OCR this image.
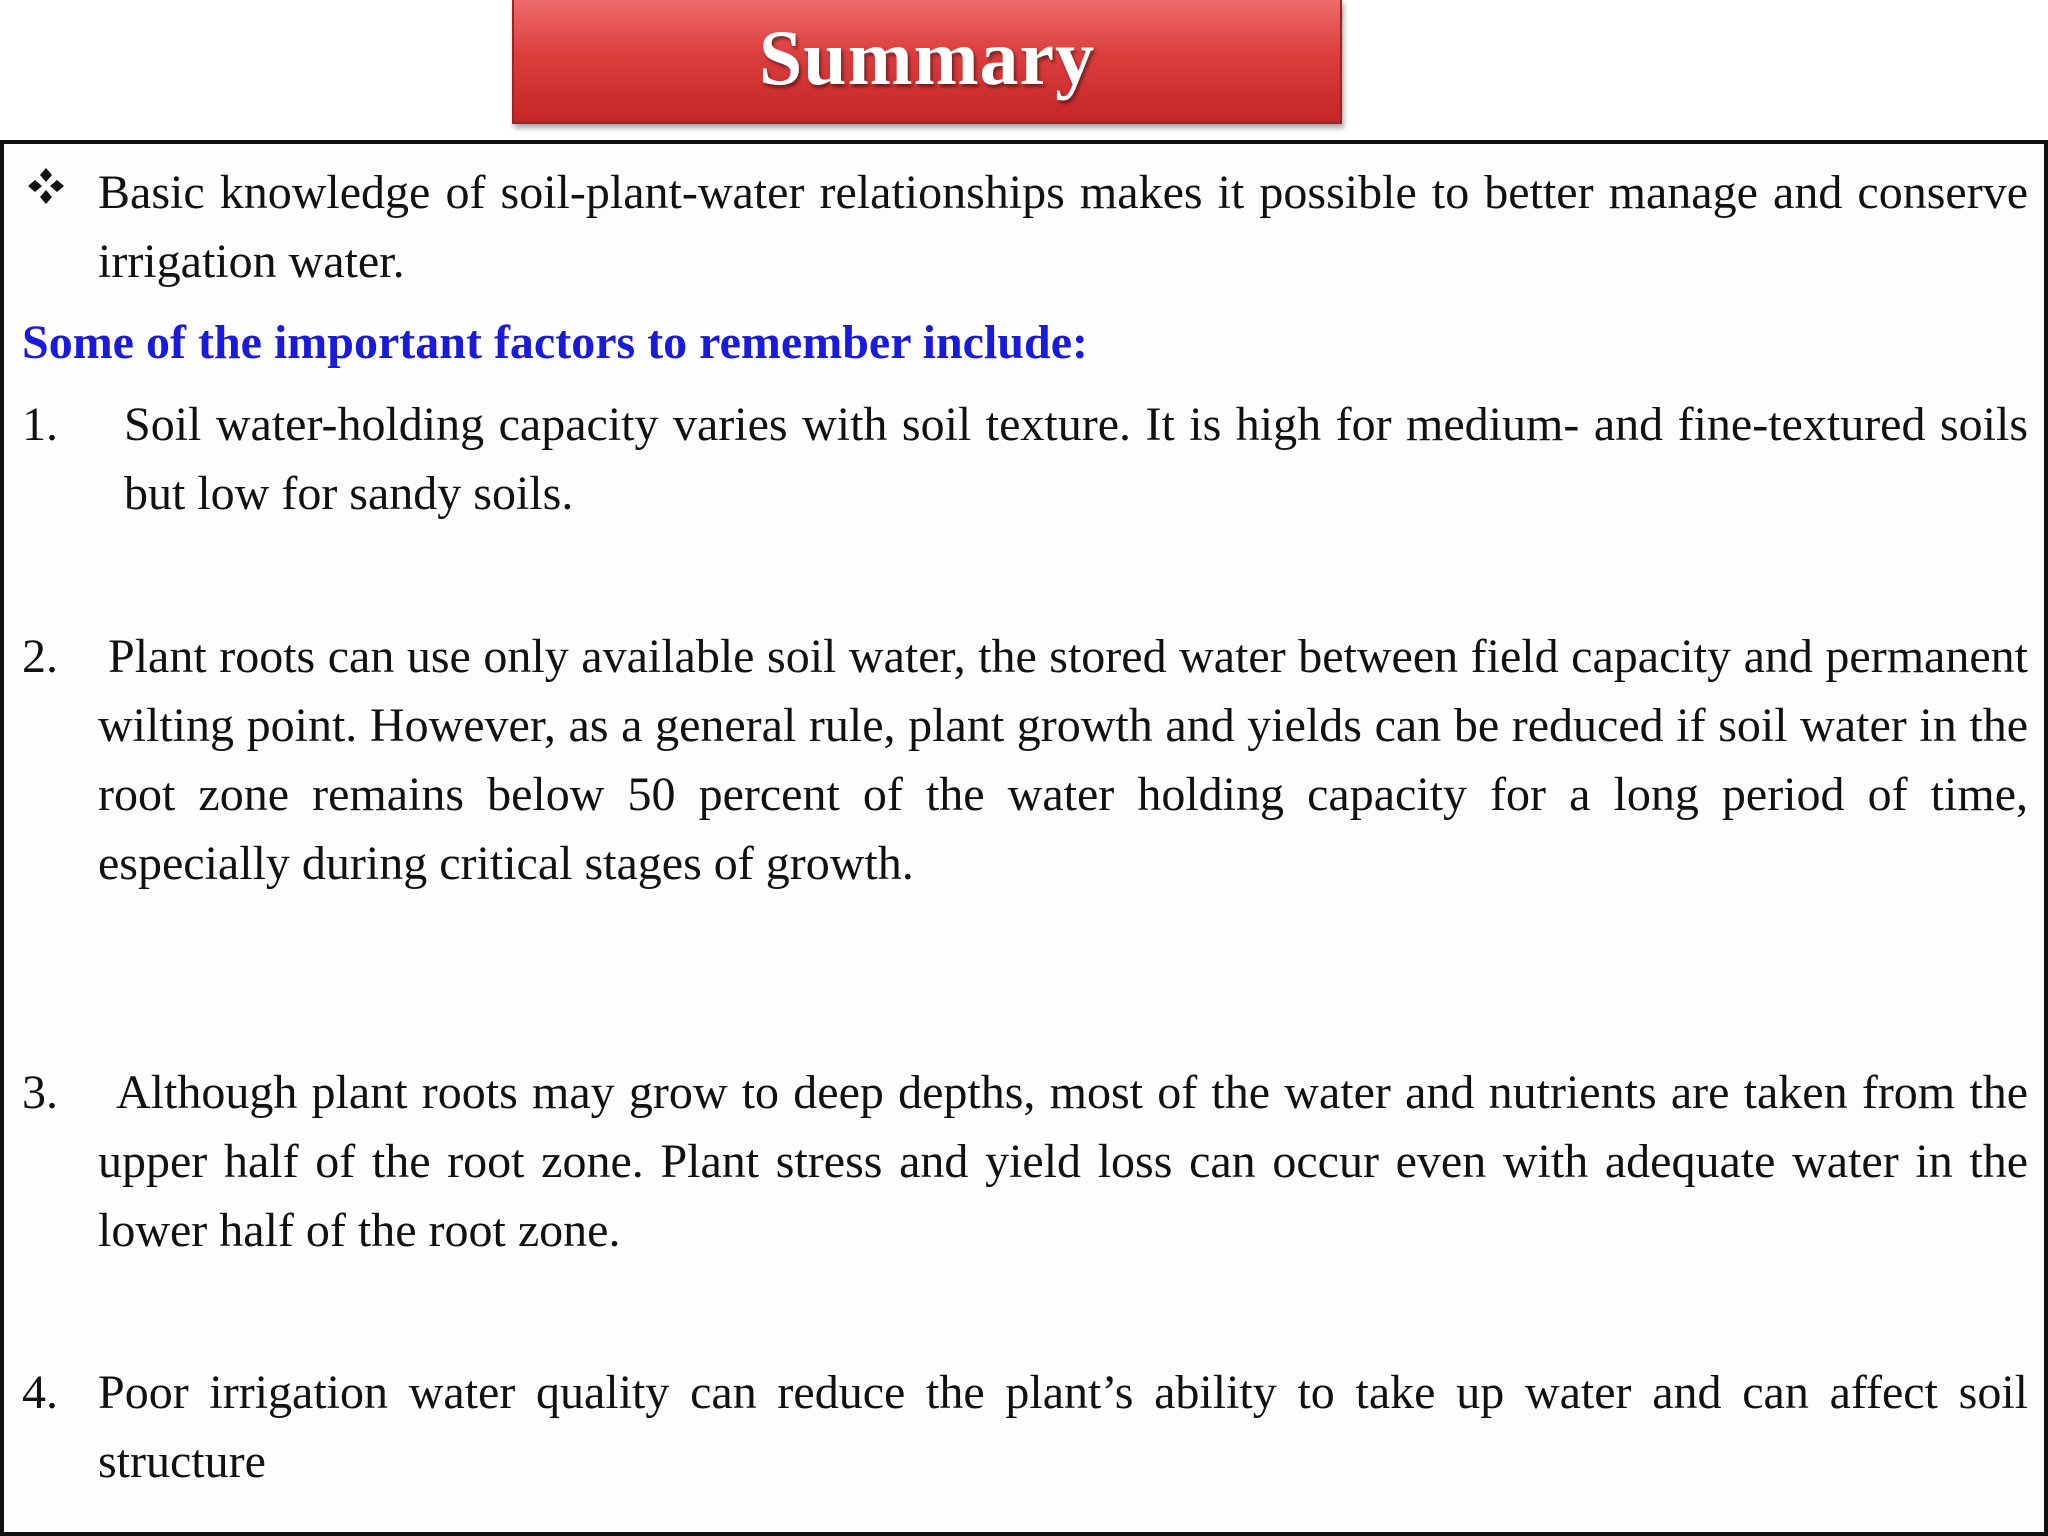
Summary

Basic knowledge of soil-plant-water relationships makes it possible to better manage and conserve irrigation water.

Some of the important factors to remember include:

1. Soil water-holding capacity varies with soil texture. It is high for medium- and fine-textured soils but low for sandy soils.

2. Plant roots can use only available soil water, the stored water between field capacity and permanent wilting point. However, as a general rule, plant growth and yields can be reduced if soil water in the root zone remains below 50 percent of the water holding capacity for a long period of time, especially during critical stages of growth.

3.	Although plant roots may grow to deep depths, most of the water and nutrients are taken from the upper half of the root zone. Plant stress and yield loss can occur even with adequate water in the lower half of the root zone.

4. Poor irrigation water quality can reduce the plant’s ability to take up water and can affect soil structure
